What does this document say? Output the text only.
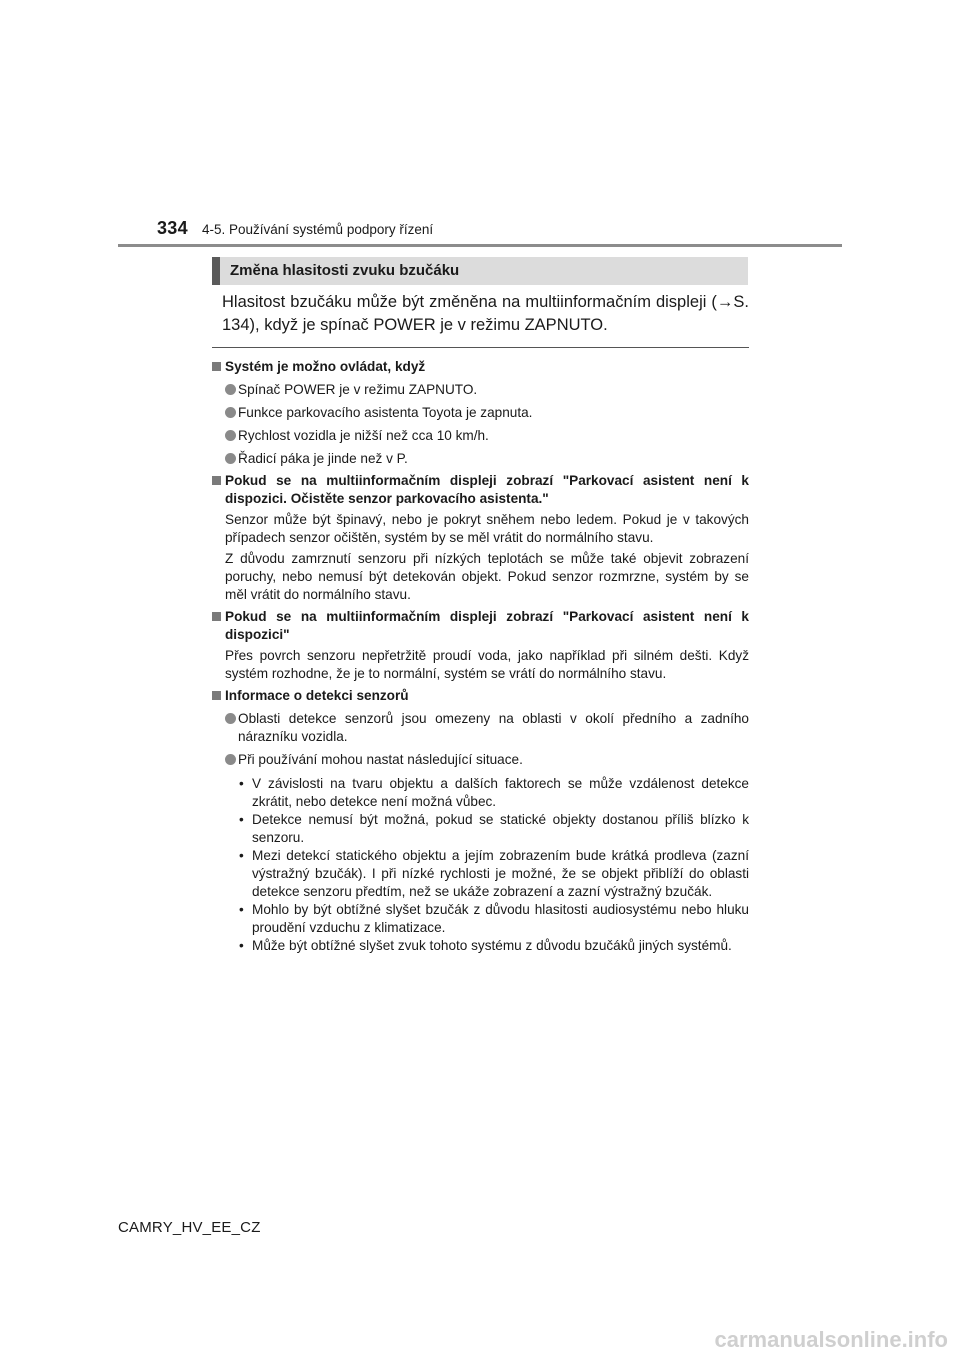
334 4-5. Používání systémů podpory řízení
Změna hlasitosti zvuku bzučáku
Hlasitost bzučáku může být změněna na multiinformačním displeji (→S. 134), když je spínač POWER je v režimu ZAPNUTO.
Systém je možno ovládat, když
Spínač POWER je v režimu ZAPNUTO.
Funkce parkovacího asistenta Toyota je zapnuta.
Rychlost vozidla je nižší než cca 10 km/h.
Řadicí páka je jinde než v P.
Pokud se na multiinformačním displeji zobrazí "Parkovací asistent není k dispozici. Očistěte senzor parkovacího asistenta."
Senzor může být špinavý, nebo je pokryt sněhem nebo ledem. Pokud je v takových případech senzor očištěn, systém by se měl vrátit do normálního stavu.
Z důvodu zamrznutí senzoru při nízkých teplotách se může také objevit zobrazení poruchy, nebo nemusí být detekován objekt. Pokud senzor rozmrzne, systém by se měl vrátit do normálního stavu.
Pokud se na multiinformačním displeji zobrazí "Parkovací asistent není k dispozici"
Přes povrch senzoru nepřetržitě proudí voda, jako například při silném dešti. Když systém rozhodne, že je to normální, systém se vrátí do normálního stavu.
Informace o detekci senzorů
Oblasti detekce senzorů jsou omezeny na oblasti v okolí předního a zadního nárazníku vozidla.
Při používání mohou nastat následující situace.
• V závislosti na tvaru objektu a dalších faktorech se může vzdálenost detekce zkrátit, nebo detekce není možná vůbec.
• Detekce nemusí být možná, pokud se statické objekty dostanou příliš blízko k senzoru.
• Mezi detekcí statického objektu a jejím zobrazením bude krátká prodleva (zazní výstražný bzučák). I při nízké rychlosti je možné, že se objekt přiblíží do oblasti detekce senzoru předtím, než se ukáže zobrazení a zazní výstražný bzučák.
• Mohlo by být obtížné slyšet bzučák z důvodu hlasitosti audiosystému nebo hluku proudění vzduchu z klimatizace.
• Může být obtížné slyšet zvuk tohoto systému z důvodu bzučáků jiných systémů.
CAMRY_HV_EE_CZ
carmanualsonline.info
